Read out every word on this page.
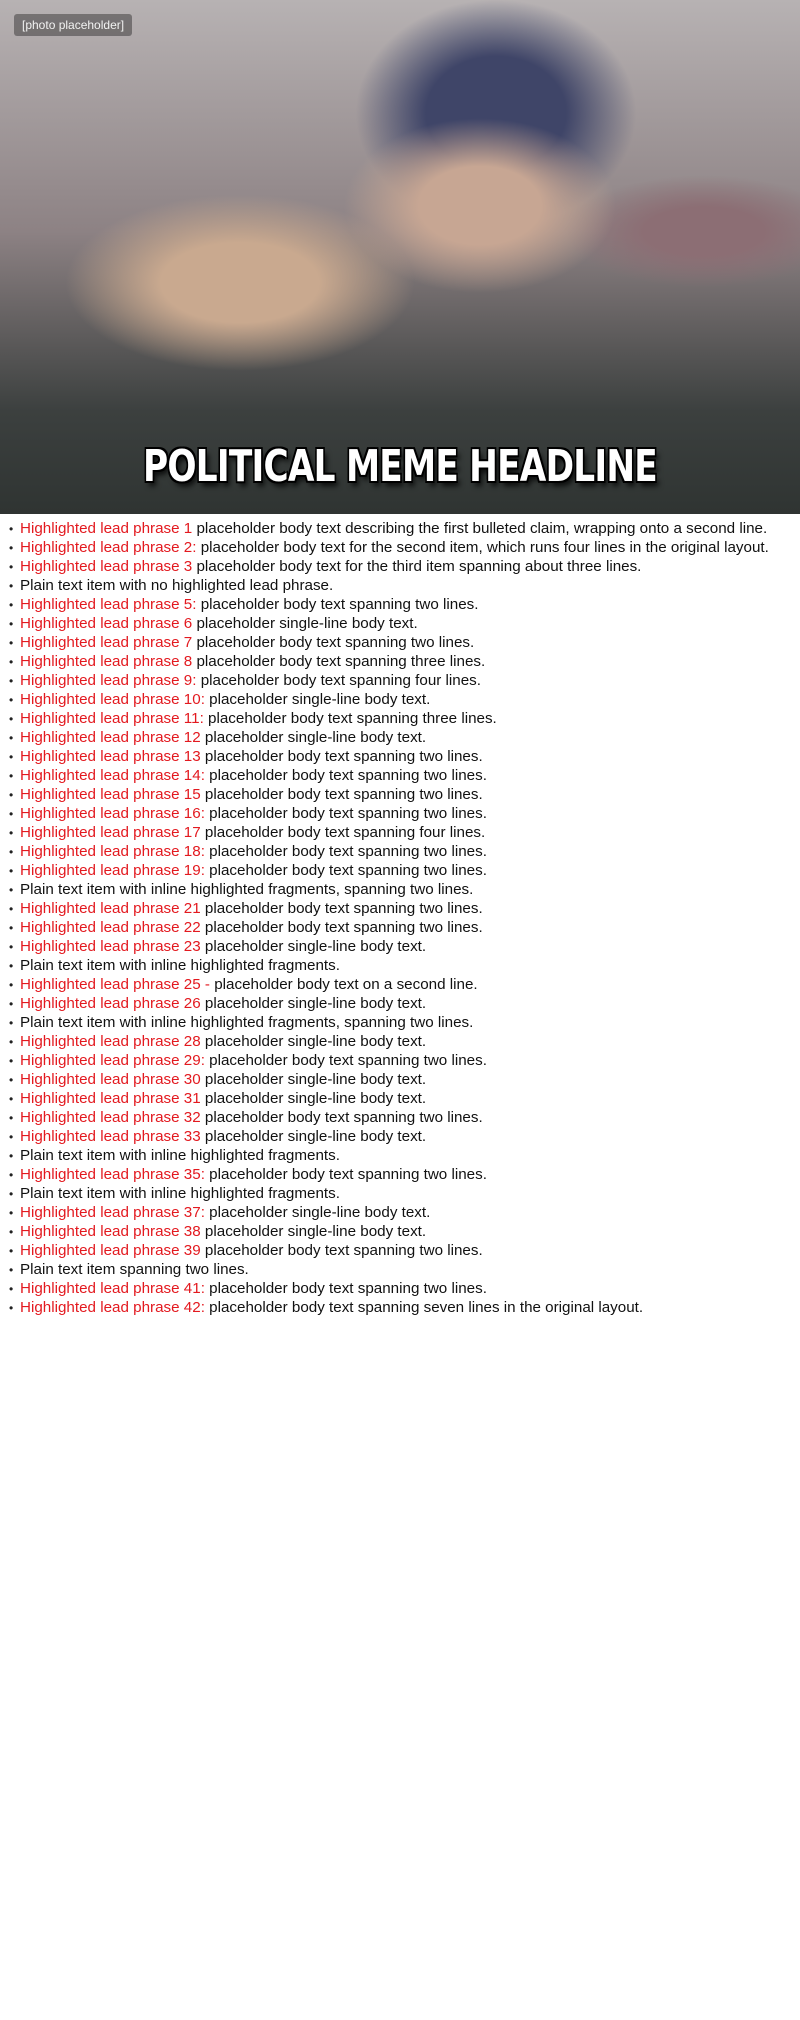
[photo placeholder]
POLITICAL MEME HEADLINE
• Highlighted lead phrase 1 placeholder body text describing the first bulleted claim, wrapping onto a second line.
• Highlighted lead phrase 2: placeholder body text for the second item, which runs four lines in the original layout.
• Highlighted lead phrase 3 placeholder body text for the third item spanning about three lines.
• Plain text item with no highlighted lead phrase.
• Highlighted lead phrase 5: placeholder body text spanning two lines.
• Highlighted lead phrase 6 placeholder single-line body text.
• Highlighted lead phrase 7 placeholder body text spanning two lines.
• Highlighted lead phrase 8 placeholder body text spanning three lines.
• Highlighted lead phrase 9: placeholder body text spanning four lines.
• Highlighted lead phrase 10: placeholder single-line body text.
• Highlighted lead phrase 11: placeholder body text spanning three lines.
• Highlighted lead phrase 12 placeholder single-line body text.
• Highlighted lead phrase 13 placeholder body text spanning two lines.
• Highlighted lead phrase 14: placeholder body text spanning two lines.
• Highlighted lead phrase 15 placeholder body text spanning two lines.
• Highlighted lead phrase 16: placeholder body text spanning two lines.
• Highlighted lead phrase 17 placeholder body text spanning four lines.
• Highlighted lead phrase 18: placeholder body text spanning two lines.
• Highlighted lead phrase 19: placeholder body text spanning two lines.
• Plain text item with inline highlighted fragments, spanning two lines.
• Highlighted lead phrase 21 placeholder body text spanning two lines.
• Highlighted lead phrase 22 placeholder body text spanning two lines.
• Highlighted lead phrase 23 placeholder single-line body text.
• Plain text item with inline highlighted fragments.
• Highlighted lead phrase 25 - placeholder body text on a second line.
• Highlighted lead phrase 26 placeholder single-line body text.
• Plain text item with inline highlighted fragments, spanning two lines.
• Highlighted lead phrase 28 placeholder single-line body text.
• Highlighted lead phrase 29: placeholder body text spanning two lines.
• Highlighted lead phrase 30 placeholder single-line body text.
• Highlighted lead phrase 31 placeholder single-line body text.
• Highlighted lead phrase 32 placeholder body text spanning two lines.
• Highlighted lead phrase 33 placeholder single-line body text.
• Plain text item with inline highlighted fragments.
• Highlighted lead phrase 35: placeholder body text spanning two lines.
• Plain text item with inline highlighted fragments.
• Highlighted lead phrase 37: placeholder single-line body text.
• Highlighted lead phrase 38 placeholder single-line body text.
• Highlighted lead phrase 39 placeholder body text spanning two lines.
• Plain text item spanning two lines.
• Highlighted lead phrase 41: placeholder body text spanning two lines.
• Highlighted lead phrase 42: placeholder body text spanning seven lines in the original layout.
